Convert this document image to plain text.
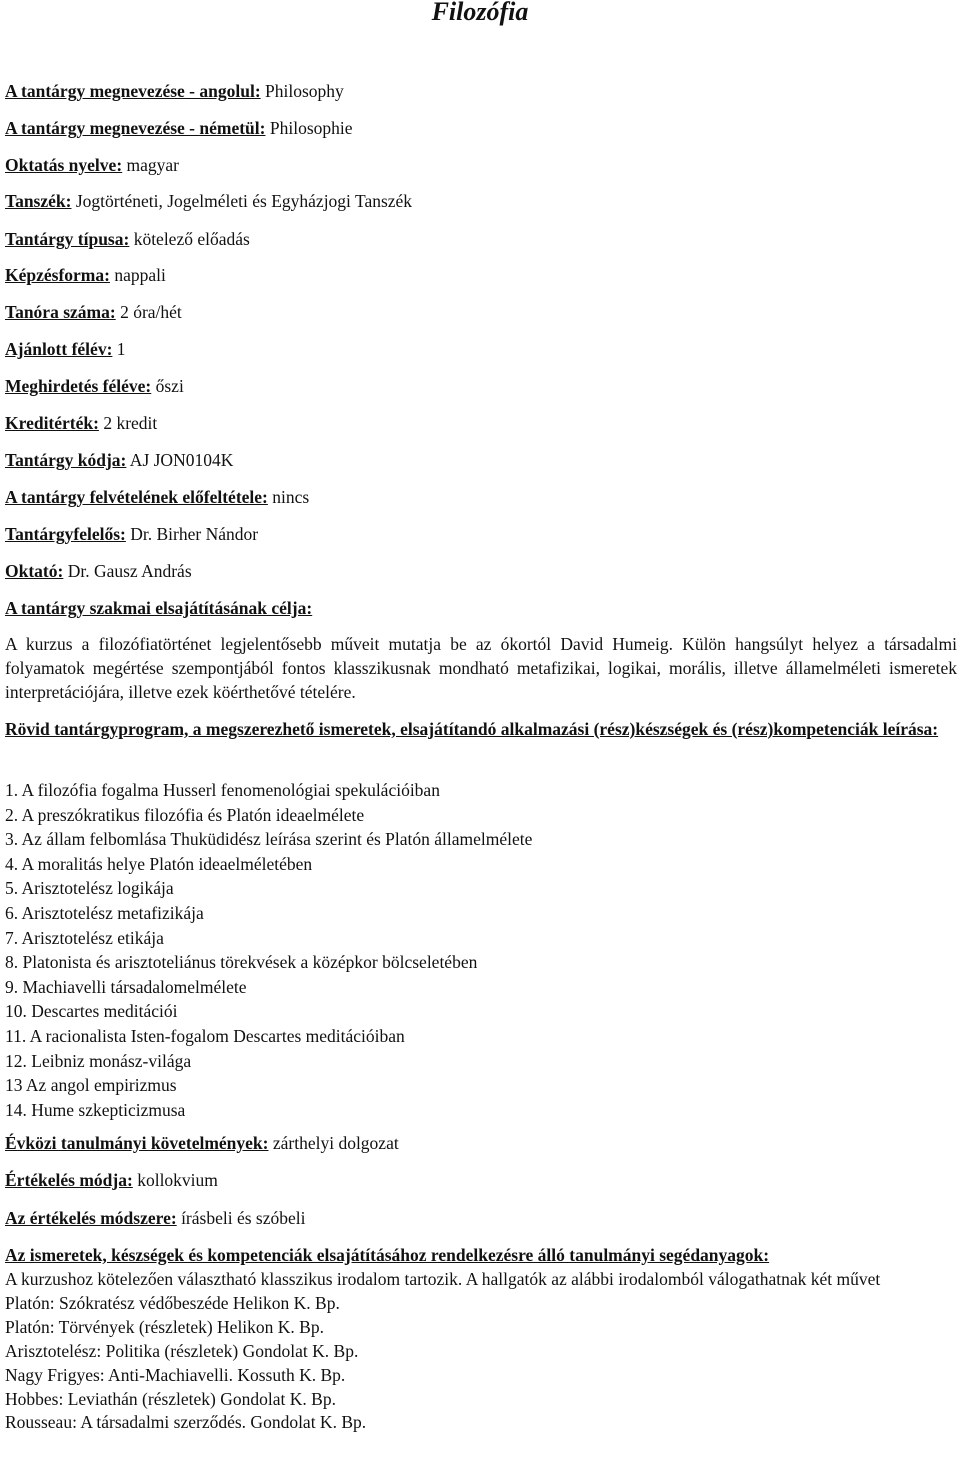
Filozófia
A tantárgy megnevezése - angolul: Philosophy
A tantárgy megnevezése - németül: Philosophie
Oktatás nyelve: magyar
Tanszék: Jogtörténeti, Jogelméleti és Egyházjogi Tanszék
Tantárgy típusa: kötelező előadás
Képzésforma: nappali
Tanóra száma: 2 óra/hét
Ajánlott félév: 1
Meghirdetés féléve: őszi
Kreditérték: 2 kredit
Tantárgy kódja: AJ JON0104K
A tantárgy felvételének előfeltétele: nincs
Tantárgyfelelős: Dr. Birher Nándor
Oktató: Dr. Gausz András
A tantárgy szakmai elsajátításának célja:
A kurzus a filozófiatörténet legjelentősebb műveit mutatja be az ókortól David Humeig. Külön hangsúlyt helyez a társadalmi folyamatok megértése szempontjából fontos klasszikusnak mondható metafizikai, logikai, morális, illetve államelméleti ismeretek interpretációjára, illetve ezek köérthetővé tételére.
Rövid tantárgyprogram, a megszerezhető ismeretek, elsajátítandó alkalmazási (rész)készségek és (rész)kompetenciák leírása:
1. A filozófia fogalma Husserl fenomenológiai spekulációiban
2. A preszókratikus filozófia és Platón ideaelmélete
3. Az állam felbomlása Thuküdidész leírása szerint és Platón államelmélete
4. A moralitás helye Platón ideaelméletében
5. Arisztotelész logikája
6. Arisztotelész metafizikája
7. Arisztotelész etikája
8. Platonista és arisztoteliánus törekvések a középkor bölcseletében
9. Machiavelli társadalomelmélete
10. Descartes meditációi
11. A racionalista Isten-fogalom Descartes meditációiban
12. Leibniz monász-világa
13 Az angol empirizmus
14. Hume szkepticizmusa
Évközi tanulmányi követelmények: zárthelyi dolgozat
Értékelés módja: kollokvium
Az értékelés módszere: írásbeli és szóbeli
Az ismeretek, készségek és kompetenciák elsajátításához rendelkezésre álló tanulmányi segédanyagok:
A kurzushoz kötelezően választható klasszikus irodalom tartozik. A hallgatók az alábbi irodalomból válogathatnak két művet
Platón: Szókratész védőbeszéde Helikon K. Bp.
Platón: Törvények (részletek) Helikon K. Bp.
Arisztotelész: Politika (részletek) Gondolat K. Bp.
Nagy Frigyes: Anti-Machiavelli. Kossuth K. Bp.
Hobbes: Leviathán (részletek) Gondolat K. Bp.
Rousseau: A társadalmi szerződés. Gondolat K. Bp.
